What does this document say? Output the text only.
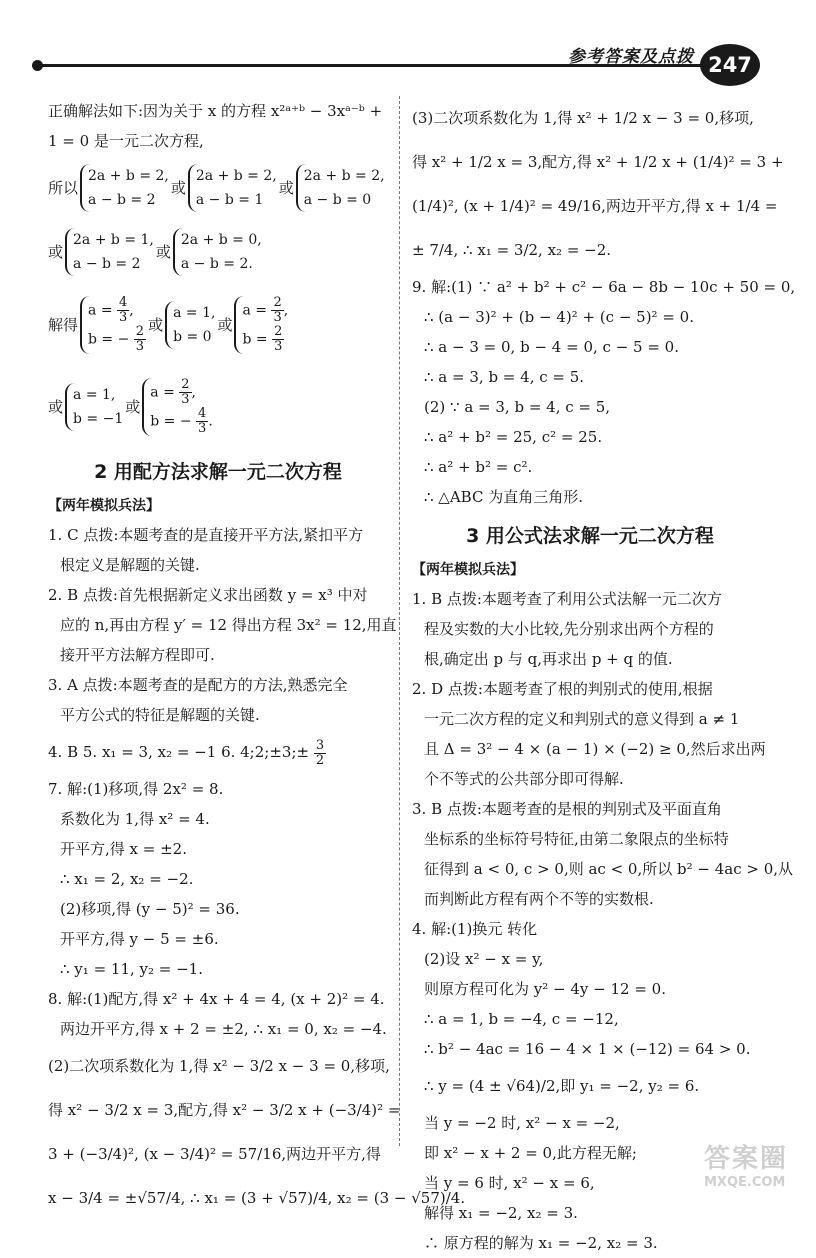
参考答案及点拨 247
正确解法如下:因为关于 x 的方程 x²ᵃ⁺ᵇ − 3xᵃ⁻ᵇ +
1 = 0 是一元二次方程,
所以
2a + b = 2,
a − b = 2
或
2a + b = 2,
a − b = 1
或
2a + b = 2,
a − b = 0
或
2a + b = 1,
a − b = 2
或
2a + b = 0,
a − b = 2.
解得
$a = \frac{4}{3}$ ,
b = − $\frac{2}{3}$
或
a = 1,
b = 0
或
$a = \frac{2}{3}$ ,
$b = \frac{2}{3}$
或
a = 1,
b = −1
或
$a = \frac{2}{3}$ ,
b = − $\frac{4}{3}$ .
2 用配方法求解一元二次方程
【两年模拟兵法】
1. C 点拨:本题考查的是直接开平方法,紧扣平方
根定义是解题的关键.
2. B 点拨:首先根据新定义求出函数 y = x³ 中对
应的 n,再由方程 y′ = 12 得出方程 3x² = 12,用直
接开平方法解方程即可.
3. A 点拨:本题考查的是配方的方法,熟悉完全
平方公式的特征是解题的关键.
4. B 5. x₁ = 3, x₂ = −1 6. 4;2;±3;± $\frac{3}{2}$
7. 解:(1)移项,得 2x² = 8.
系数化为 1,得 x² = 4.
开平方,得 x = ±2.
∴ x₁ = 2, x₂ = −2.
(2)移项,得 (y − 5)² = 36.
开平方,得 y − 5 = ±6.
∴ y₁ = 11, y₂ = −1.
8. 解:(1)配方,得 x² + 4x + 4 = 4, (x + 2)² = 4.
两边开平方,得 x + 2 = ±2, ∴ x₁ = 0, x₂ = −4.
(2)二次项系数化为 1,得 x² − 3/2 x − 3 = 0,移项,
得 x² − 3/2 x = 3,配方,得 x² − 3/2 x + (−3/4)² =
3 + (−3/4)², (x − 3/4)² = 57/16,两边开平方,得
x − 3/4 = ±√57/4, ∴ x₁ = (3 + √57)/4, x₂ = (3 − √57)/4.
(3)二次项系数化为 1,得 x² + 1/2 x − 3 = 0,移项,
得 x² + 1/2 x = 3,配方,得 x² + 1/2 x + (1/4)² = 3 +
(1/4)², (x + 1/4)² = 49/16,两边开平方,得 x + 1/4 =
± 7/4, ∴ x₁ = 3/2, x₂ = −2.
9. 解:(1) ∵ a² + b² + c² − 6a − 8b − 10c + 50 = 0,
∴ (a − 3)² + (b − 4)² + (c − 5)² = 0.
∴ a − 3 = 0, b − 4 = 0, c − 5 = 0.
∴ a = 3, b = 4, c = 5.
(2) ∵ a = 3, b = 4, c = 5,
∴ a² + b² = 25, c² = 25.
∴ a² + b² = c².
∴ △ABC 为直角三角形.
3 用公式法求解一元二次方程
【两年模拟兵法】
1. B 点拨:本题考查了利用公式法解一元二次方
程及实数的大小比较,先分别求出两个方程的
根,确定出 p 与 q,再求出 p + q 的值.
2. D 点拨:本题考查了根的判别式的使用,根据
一元二次方程的定义和判别式的意义得到 a ≠ 1
且 Δ = 3² − 4 × (a − 1) × (−2) ≥ 0,然后求出两
个不等式的公共部分即可得解.
3. B 点拨:本题考查的是根的判别式及平面直角
坐标系的坐标符号特征,由第二象限点的坐标特
征得到 a < 0, c > 0,则 ac < 0,所以 b² − 4ac > 0,从
而判断此方程有两个不等的实数根.
4. 解:(1)换元 转化
(2)设 x² − x = y,
则原方程可化为 y² − 4y − 12 = 0.
∴ a = 1, b = −4, c = −12,
∴ b² − 4ac = 16 − 4 × 1 × (−12) = 64 > 0.
∴ y = (4 ± √64)/2,即 y₁ = −2, y₂ = 6.
当 y = −2 时, x² − x = −2,
即 x² − x + 2 = 0,此方程无解;
当 y = 6 时, x² − x = 6,
解得 x₁ = −2, x₂ = 3.
∴ 原方程的解为 x₁ = −2, x₂ = 3.
答案圈
MXQE.COM
